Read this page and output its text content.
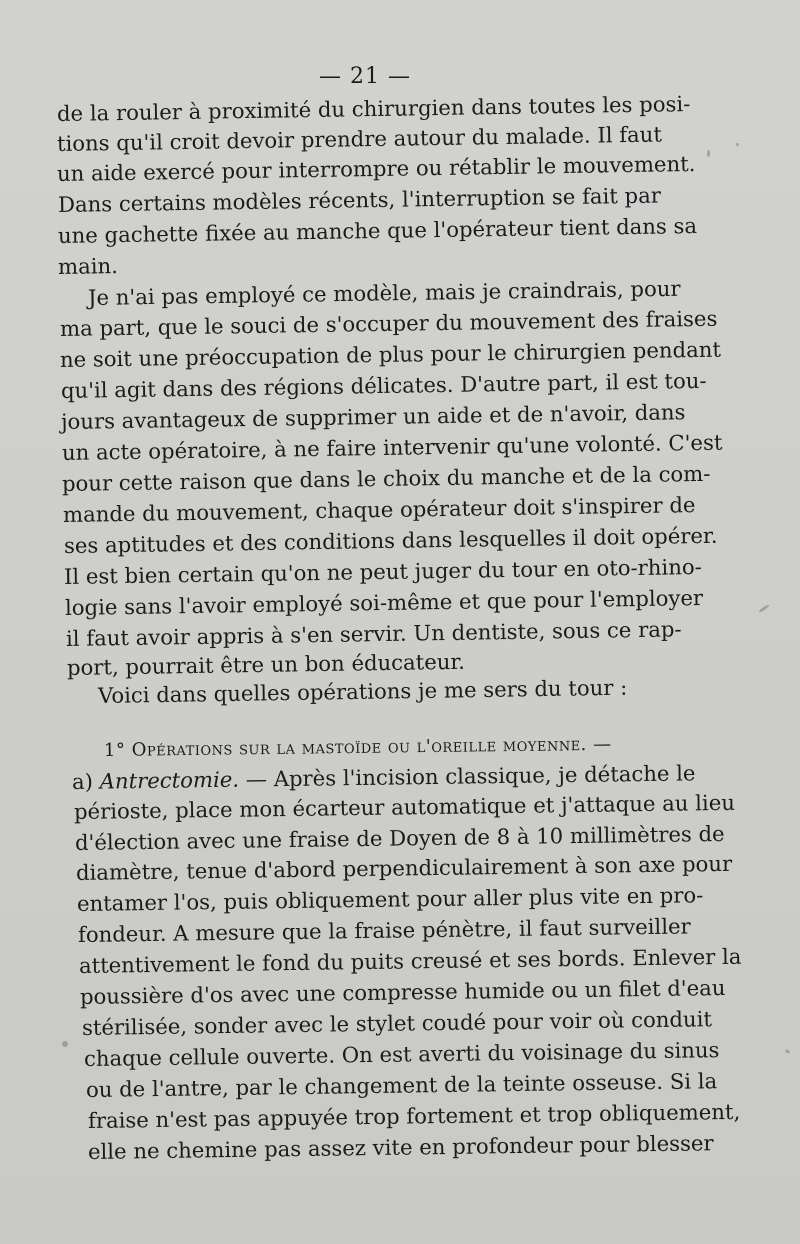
— 21 —
de la rouler à proximité du chirurgien dans toutes les posi-
tions qu'il croit devoir prendre autour du malade. Il faut
un aide exercé pour interrompre ou rétablir le mouvement.
Dans certains modèles récents, l'interruption se fait par
une gachette fixée au manche que l'opérateur tient dans sa
main.
Je n'ai pas employé ce modèle, mais je craindrais, pour
ma part, que le souci de s'occuper du mouvement des fraises
ne soit une préoccupation de plus pour le chirurgien pendant
qu'il agit dans des régions délicates. D'autre part, il est tou-
jours avantageux de supprimer un aide et de n'avoir, dans
un acte opératoire, à ne faire intervenir qu'une volonté. C'est
pour cette raison que dans le choix du manche et de la com-
mande du mouvement, chaque opérateur doit s'inspirer de
ses aptitudes et des conditions dans lesquelles il doit opérer.
Il est bien certain qu'on ne peut juger du tour en oto-rhino-
logie sans l'avoir employé soi-même et que pour l'employer
il faut avoir appris à s'en servir. Un dentiste, sous ce rap-
port, pourrait être un bon éducateur.
Voici dans quelles opérations je me sers du tour :
1° Opérations sur la mastoïde ou l'oreille moyenne. —
a) Antrectomie. — Après l'incision classique, je détache le
périoste, place mon écarteur automatique et j'attaque au lieu
d'élection avec une fraise de Doyen de 8 à 10 millimètres de
diamètre, tenue d'abord perpendiculairement à son axe pour
entamer l'os, puis obliquement pour aller plus vite en pro-
fondeur. A mesure que la fraise pénètre, il faut surveiller
attentivement le fond du puits creusé et ses bords. Enlever la
poussière d'os avec une compresse humide ou un filet d'eau
stérilisée, sonder avec le stylet coudé pour voir où conduit
chaque cellule ouverte. On est averti du voisinage du sinus
ou de l'antre, par le changement de la teinte osseuse. Si la
fraise n'est pas appuyée trop fortement et trop obliquement,
elle ne chemine pas assez vite en profondeur pour blesser
